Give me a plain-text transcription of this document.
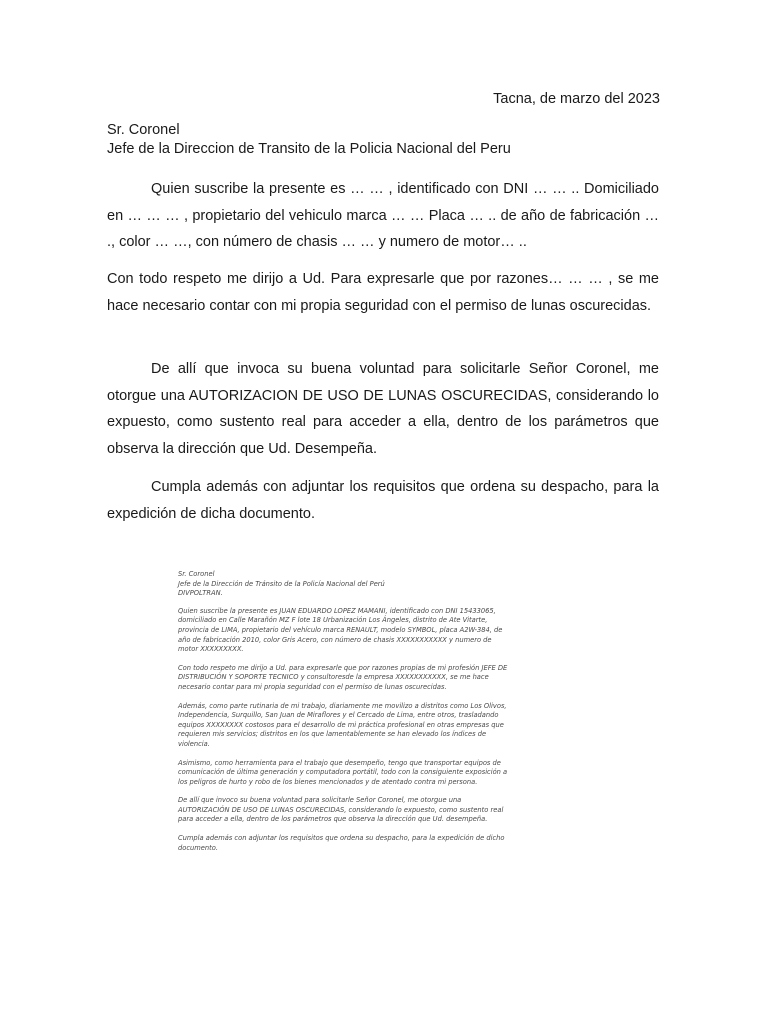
Tacna, de marzo del 2023
Sr. Coronel
Jefe de la Direccion de Transito de la Policia Nacional del Peru

Quien suscribe la presente es … … , identificado con DNI … … .. Domiciliado en … … … , propietario del vehiculo marca … … Placa … .. de año de fabricación … ., color … …, con número de chasis … … y numero de motor… ..

Con todo respeto me dirijo a Ud. Para expresarle que por razones… … … , se me hace necesario contar con mi propia seguridad con el permiso de lunas oscurecidas.

De allí que invoca su buena voluntad para solicitarle Señor Coronel, me otorgue una AUTORIZACION DE USO DE LUNAS OSCURECIDAS, considerando lo expuesto, como sustento real para acceder a ella, dentro de los parámetros que observa la dirección que Ud. Desempeña.

Cumpla además con adjuntar los requisitos que ordena su despacho, para la expedición de dicha documento.

Sr. Coronel
Jefe de la Dirección de Tránsito de la Policía Nacional del Perú
DIVPOLTRAN.

Quien suscribe la presente es JUAN EDUARDO LOPEZ MAMANI, identificado con DNI 15433065, domiciliado en Calle Marañón MZ F lote 18 Urbanización Los Ángeles, distrito de Ate Vitarte, provincia de LIMA, propietario del vehículo marca RENAULT, modelo SYMBOL, placa A2W-384, de año de fabricación 2010, color Gris Acero, con número de chasis XXXXXXXXXXX y numero de motor XXXXXXXXX.

Con todo respeto me dirijo a Ud. para expresarle que por razones propias de mi profesión JEFE DE DISTRIBUCIÓN Y SOPORTE TECNICO y consultoresde la empresa XXXXXXXXXXX, se me hace necesario contar para mi propia seguridad con el permiso de lunas oscurecidas.

Además, como parte rutinaria de mi trabajo, diariamente me movilizo a distritos como Los Olivos, Independencia, Surquillo, San Juan de Miraflores y el Cercado de Lima, entre otros, trasladando equipos XXXXXXXX costosos para el desarrollo de mi práctica profesional en otras empresas que requieren mis servicios; distritos en los que lamentablemente se han elevado los índices de violencia.

Asimismo, como herramienta para el trabajo que desempeño, tengo que transportar equipos de comunicación de última generación y computadora portátil, todo con la consiguiente exposición a los peligros de hurto y robo de los bienes mencionados y de atentado contra mi persona.

De allí que invoco su buena voluntad para solicitarle Señor Coronel, me otorgue una AUTORIZACIÓN DE USO DE LUNAS OSCURECIDAS, considerando lo expuesto, como sustento real para acceder a ella, dentro de los parámetros que observa la dirección que Ud. desempeña.

Cumpla además con adjuntar los requisitos que ordena su despacho, para la expedición de dicho documento.
